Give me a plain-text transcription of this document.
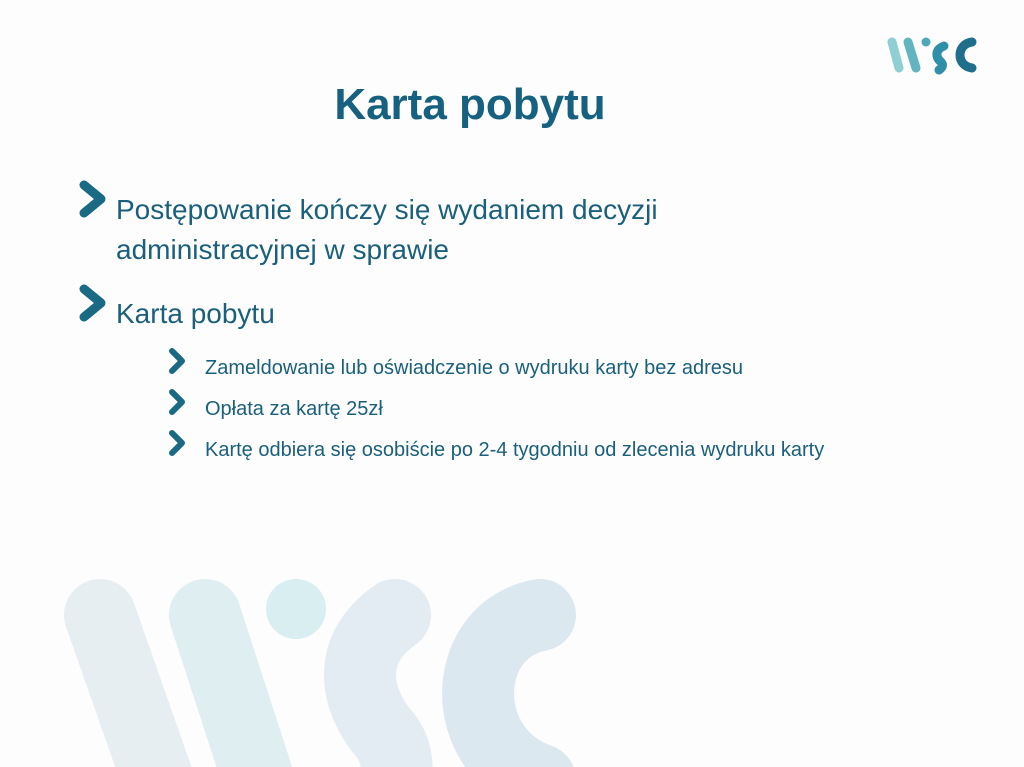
Karta pobytu
Postępowanie kończy się wydaniem decyzji administracyjnej w sprawie
Karta pobytu
Zameldowanie lub oświadczenie o wydruku karty bez adresu
Opłata za kartę 25zł
Kartę odbiera się osobiście po 2-4 tygodniu od zlecenia wydruku karty
